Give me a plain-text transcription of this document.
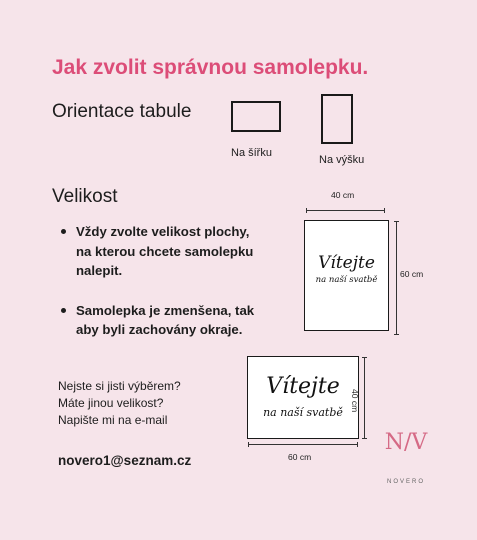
Jak zvolit správnou samolepku.
Orientace tabule
Na šířku
Na výšku
Velikost
Vždy zvolte velikost plochy, na kterou chcete samolepku nalepit.
Samolepka je zmenšena, tak aby byli zachovány okraje.
Nejste si jisti výběrem?
Máte jinou velikost?
Napište mi na e-mail
novero1@seznam.cz
40 cm
60 cm
Vítejte
na naší svatbě
Vítejte
na naší svatbě
40 cm
60 cm
N/V
NOVERO
